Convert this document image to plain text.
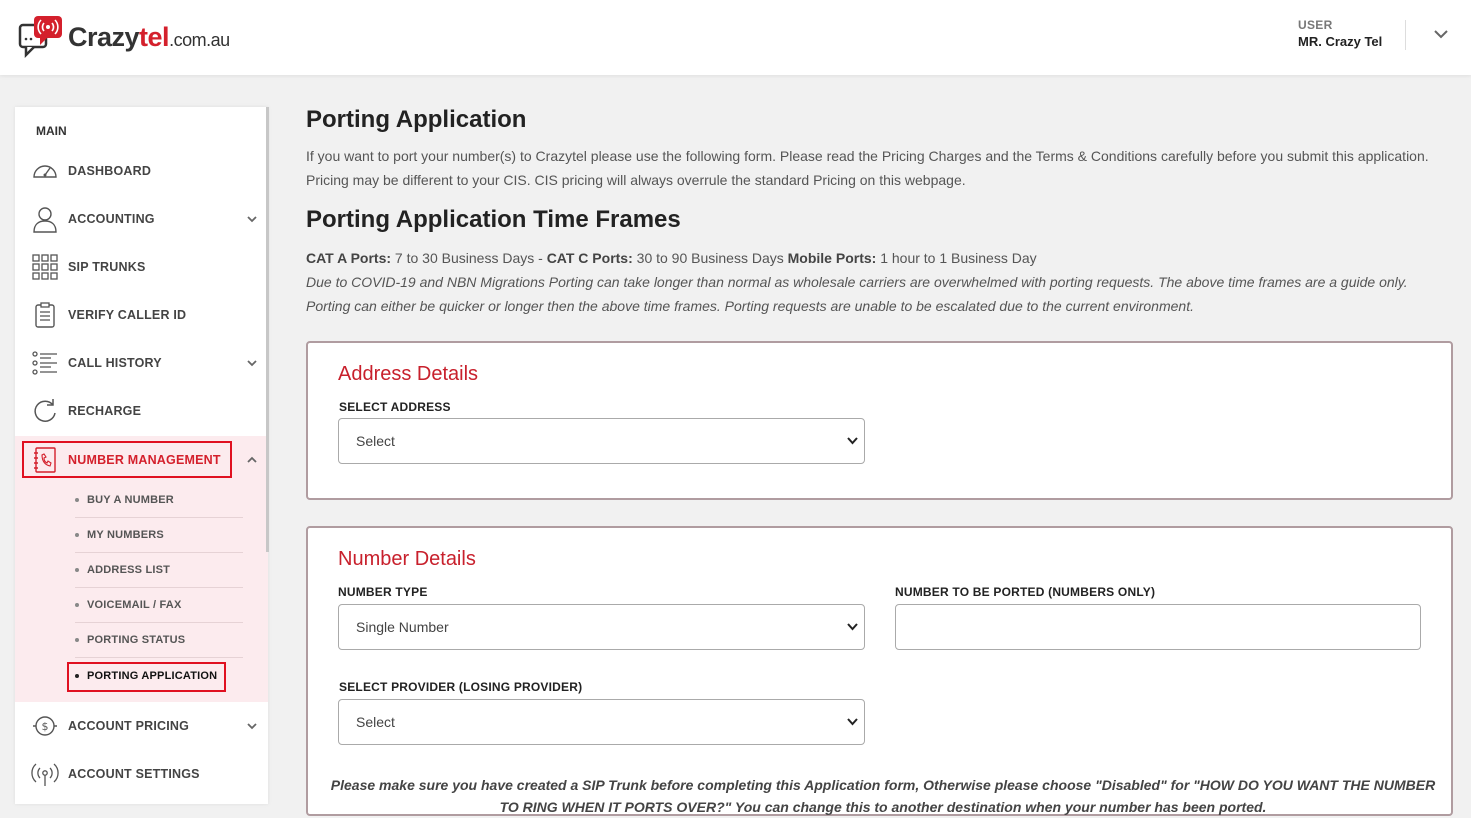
Crazytel.com.au
USER
MR. Crazy Tel
MAIN
DASHBOARD
ACCOUNTING
SIP TRUNKS
VERIFY CALLER ID
CALL HISTORY
RECHARGE
NUMBER MANAGEMENT
BUY A NUMBER
MY NUMBERS
ADDRESS LIST
VOICEMAIL / FAX
PORTING STATUS
PORTING APPLICATION
$ ACCOUNT PRICING
ACCOUNT SETTINGS
Porting Application

If you want to port your number(s) to Crazytel please use the following form. Please read the Pricing Charges and the Terms & Conditions carefully before you submit this application. Pricing may be different to your CIS. CIS pricing will always overrule the standard Pricing on this webpage.

Porting Application Time Frames

CAT A Ports: 7 to 30 Business Days - CAT C Ports: 30 to 90 Business Days Mobile Ports: 1 hour to 1 Business Day

Due to COVID-19 and NBN Migrations Porting can take longer than normal as wholesale carriers are overwhelmed with porting requests. The above time frames are a guide only. Porting can either be quicker or longer then the above time frames. Porting requests are unable to be escalated due to the current environment.

Address Details
SELECT ADDRESS
Select
Number Details
NUMBER TYPE
Single Number
NUMBER TO BE PORTED (NUMBERS ONLY)
SELECT PROVIDER (LOSING PROVIDER)
Select
Please make sure you have created a SIP Trunk before completing this Application form, Otherwise please choose "Disabled" for "HOW DO YOU WANT THE NUMBER TO RING WHEN IT PORTS OVER?" You can change this to another destination when your number has been ported.
